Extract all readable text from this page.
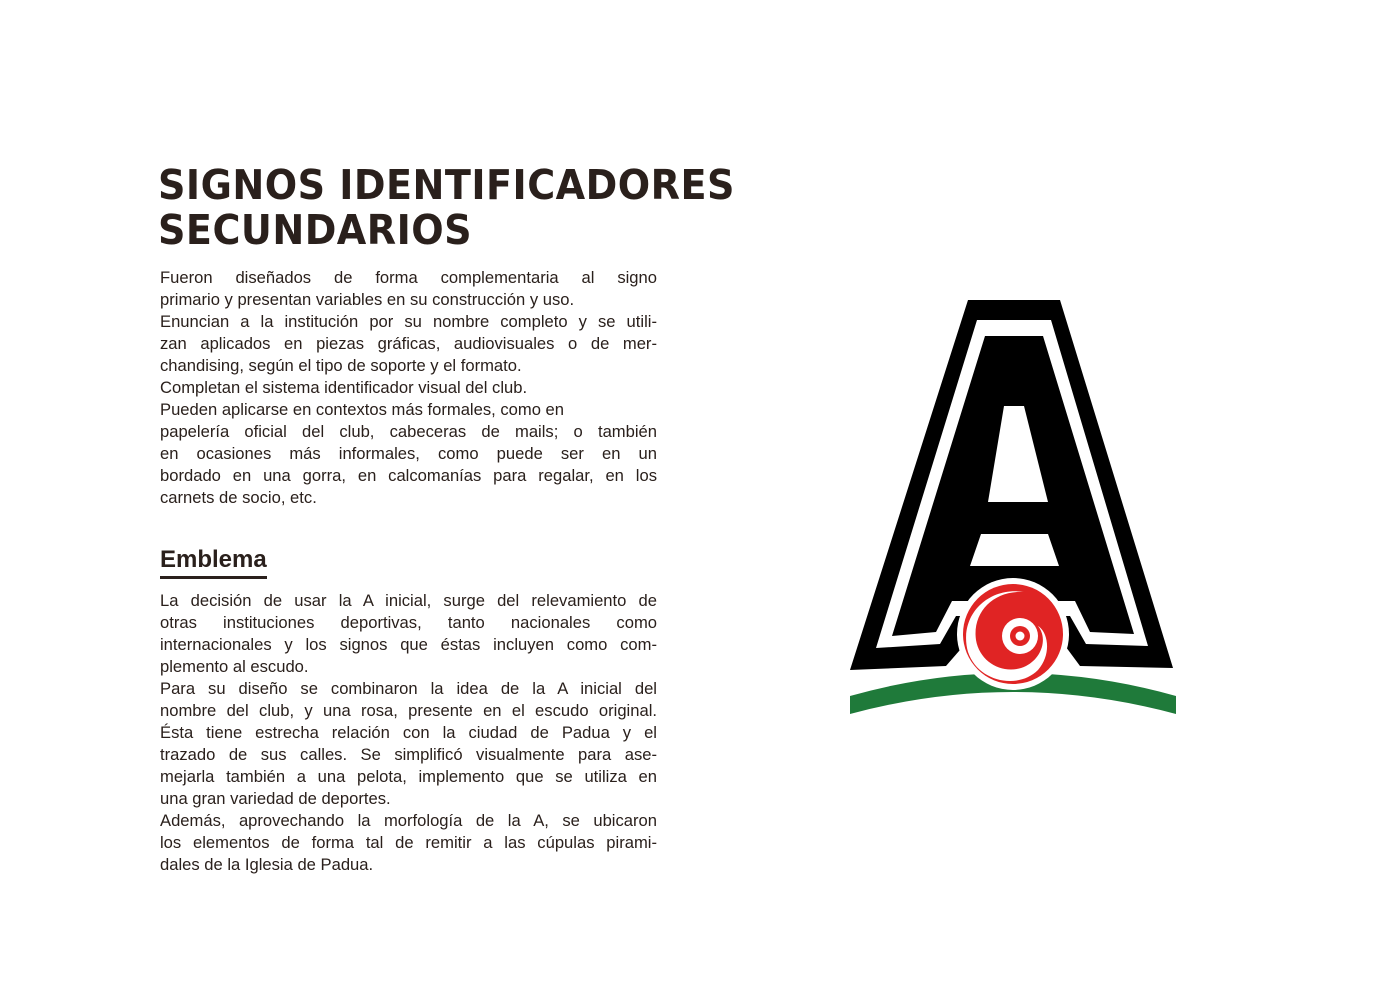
SIGNOS IDENTIFICADORES
SECUNDARIOS

Fueron diseñados de forma complementaria al signo
primario y presentan variables en su construcción y uso.
Enuncian a la institución por su nombre completo y se utili-
zan aplicados en piezas gráficas, audiovisuales o de mer-
chandising, según el tipo de soporte y el formato.
Completan el sistema identificador visual del club.
Pueden aplicarse en contextos más formales, como en
papelería oficial del club, cabeceras de mails; o también
en ocasiones más informales, como puede ser en un
bordado en una gorra, en calcomanías para regalar, en los
carnets de socio, etc.

Emblema

La decisión de usar la A inicial, surge del relevamiento de
otras instituciones deportivas, tanto nacionales como
internacionales y los signos que éstas incluyen como com-
plemento al escudo.
Para su diseño se combinaron la idea de la A inicial del
nombre del club, y una rosa, presente en el escudo original.
Ésta tiene estrecha relación con la ciudad de Padua y el
trazado de sus calles. Se simplificó visualmente para ase-
mejarla también a una pelota, implemento que se utiliza en
una gran variedad de deportes.
Además, aprovechando la morfología de la A, se ubicaron
los elementos de forma tal de remitir a las cúpulas pirami-
dales de la Iglesia de Padua.
